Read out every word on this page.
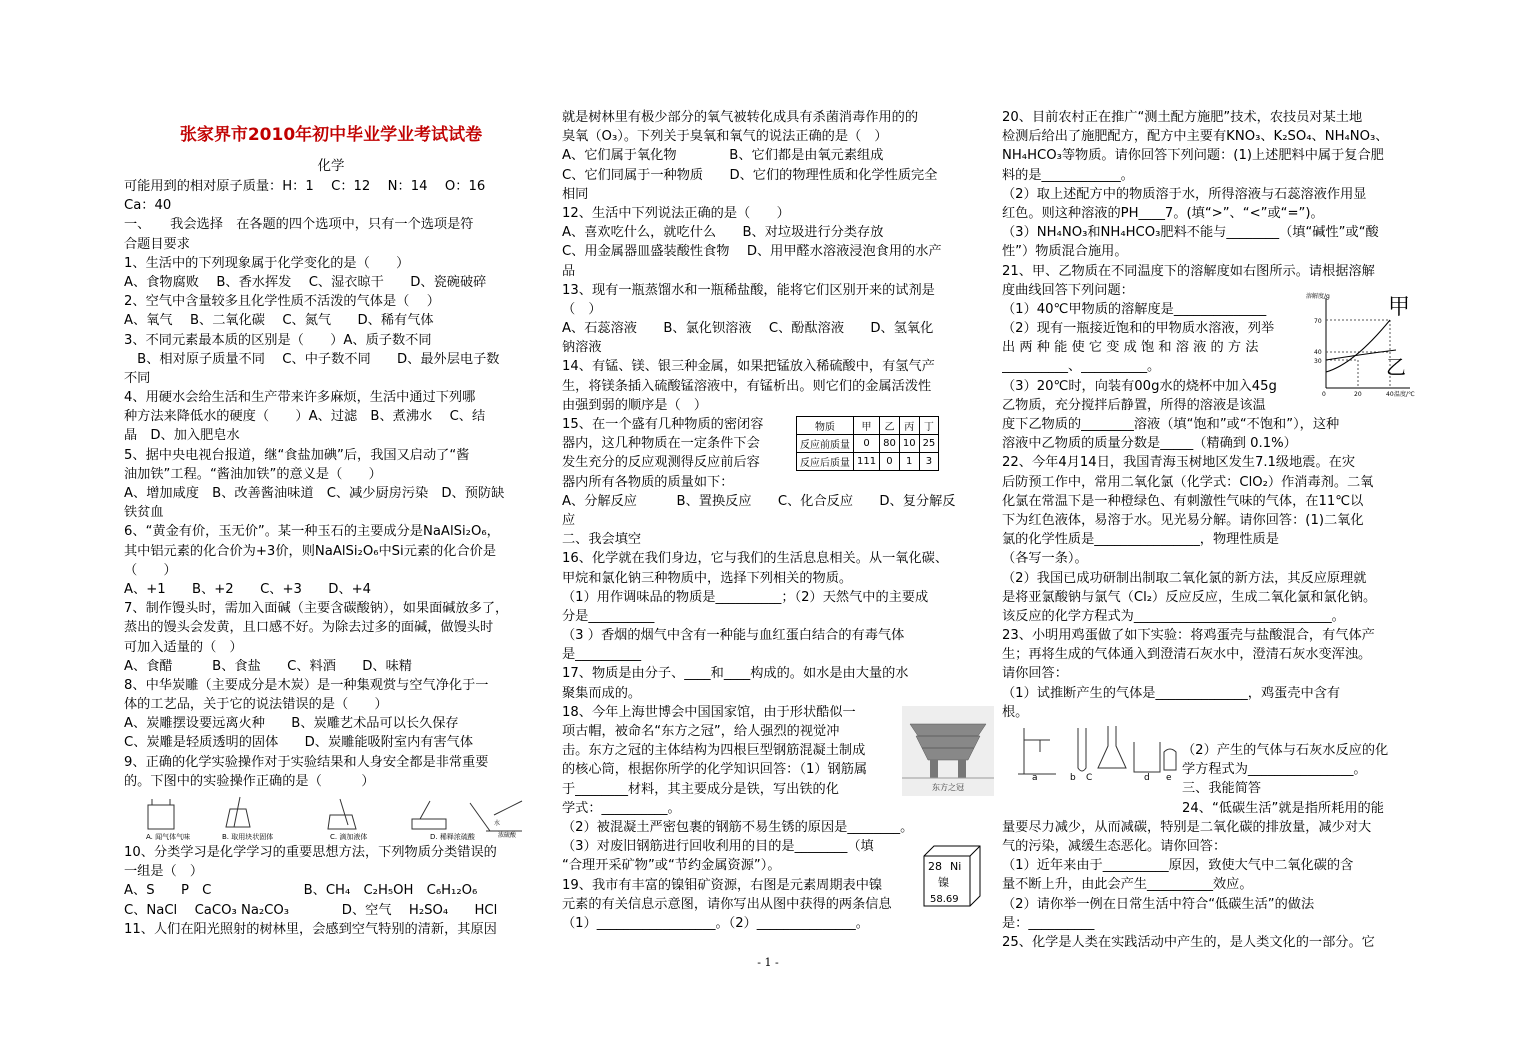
张家界市2010年初中毕业学业考试试卷
化学
可能用到的相对原子质量：H：1　 C：12 　N：14 　O：16
Ca：40
一、　　我会选择　在各题的四个选项中，只有一个选项是符
合题目要求
1、生活中的下列现象属于化学变化的是（　　）
A、食物腐败　 B、香水挥发　 C、湿衣晾干　　D、瓷碗破碎
2、空气中含量较多且化学性质不活泼的气体是（　 ）
A、氧气　 B、二氧化碳　 C、氮气　　D、稀有气体
3、不同元素最本质的区别是（　　）A、质子数不同
　B、相对原子质量不同　 C、中子数不同　　D、最外层电子数
不同
4、用硬水会给生活和生产带来许多麻烦，生活中通过下列哪
种方法来降低水的硬度（　　）A、过滤　B、煮沸水　 C、结
晶　D、加入肥皂水
5、据中央电视台报道，继“食盐加碘”后，我国又启动了“酱
油加铁”工程。“酱油加铁”的意义是（　　）
A、增加咸度　B、改善酱油味道　C、减少厨房污染　D、预防缺
铁贫血
6、“黄金有价，玉无价”。某一种玉石的主要成分是NaAlSi₂O₆，
其中铝元素的化合价为+3价，则NaAlSi₂O₆中Si元素的化合价是
（　　）
A、+1　　B、+2　　C、+3　　D、+4
7、制作馒头时，需加入面碱（主要含碳酸钠），如果面碱放多了，
蒸出的馒头会发黄，且口感不好。为除去过多的面碱，做馒头时
可加入适量的（　）
A、食醋　　　B、食盐　　C、料酒　　D、味精
8、中华炭雕（主要成分是木炭）是一种集观赏与空气净化于一
体的工艺品，关于它的说法错误的是（　　）
A、炭雕摆设要远离火种　　B、炭雕艺术品可以长久保存
C、炭雕是轻质透明的固体　　D、炭雕能吸附室内有害气体
9、正确的化学实验操作对于实验结果和人身安全都是非常重要
的。下图中的实验操作正确的是（　　　）
A. 闻气体气味	B. 取用块状固体	C. 滴加液体	D. 稀释浓硫酸
水
浓硫酸
10、分类学习是化学学习的重要思想方法，下列物质分类错误的
一组是（　）
A、S　　P　C　　　　　　　B、CH₄　C₂H₅OH　C₆H₁₂O₆
C、NaCl　 CaCO₃ Na₂CO₃　　　　D、空气　 H₂SO₄　　HCl
11、人们在阳光照射的树林里，会感到空气特别的清新，其原因
就是树林里有极少部分的氧气被转化成具有杀菌消毒作用的的
臭氧（O₃）。下列关于臭氧和氧气的说法正确的是（　）
A、它们属于氧化物　　　　B、它们都是由氧元素组成
C、它们同属于一种物质　　D、它们的物理性质和化学性质完全
相同
12、生活中下列说法正确的是（　　）
A、喜欢吃什么，就吃什么　　B、对垃圾进行分类存放
C、用金属器皿盛装酸性食物　 D、用甲醛水溶液浸泡食用的水产
品
13、现有一瓶蒸馏水和一瓶稀盐酸，能将它们区别开来的试剂是
（　）
A、石蕊溶液　　B、氯化钡溶液　 C、酚酞溶液　　D、氢氧化
钠溶液
14、有锰、镁、银三种金属，如果把锰放入稀硫酸中，有氢气产
生，将镁条插入硫酸锰溶液中，有锰析出。则它们的金属活泼性
由强到弱的顺序是（　）
15、在一个盛有几种物质的密闭容
器内，这几种物质在一定条件下会
发生充分的反应观测得反应前后容
器内所有各物质的质量如下：
A、分解反应　　　B、置换反应　　C、化合反应　　D、复分解反
应
二、我会填空
16、化学就在我们身边，它与我们的生活息息相关。从一氧化碳、
甲烷和氯化钠三种物质中，选择下列相关的物质。
（1）用作调味品的物质是__________；（2）天然气中的主要成
分是__________
（3 ）香烟的烟气中含有一种能与血红蛋白结合的有毒气体
是__________
17、物质是由分子、____和____构成的。如水是由大量的水
聚集而成的。
18、今年上海世博会中国国家馆，由于形状酷似一
项古帽，被命名“东方之冠”，给人强烈的视觉冲
击。东方之冠的主体结构为四根巨型钢筋混凝土制成
的核心筒，根据你所学的化学知识回答：（1）钢筋属
于________材料，其主要成分是铁，写出铁的化
学式：__________。
（2）被混凝土严密包裹的钢筋不易生锈的原因是________。
（3）对废旧钢筋进行回收利用的目的是________（填
“合理开采矿物”或“节约金属资源”）。
19、我市有丰富的镍钼矿资源，右图是元素周期表中镍
元素的有关信息示意图，请你写出从图中获得的两条信息
（1）__________________。（2）_______________。
物质	甲	乙	丙	丁
反应前质量	0	80	10	25
反应后质量	111	0	1	3
东方之冠
28 Ni
镍
58.69
20、目前农村正在推广“测土配方施肥”技术，农技员对某土地
检测后给出了施肥配方，配方中主要有KNO₃、K₂SO₄、NH₄NO₃、
NH₄HCO₃等物质。请你回答下列问题：(1)上述肥料中属于复合肥
料的是____________。
（2）取上述配方中的物质溶于水，所得溶液与石蕊溶液作用显
红色。则这种溶液的PH____7。(填“>”、“<”或“=”)。
（3）NH₄NO₃和NH₄HCO₃肥料不能与________（填“碱性”或“酸
性”）物质混合施用。
21、甲、乙物质在不同温度下的溶解度如右图所示。请根据溶解
度曲线回答下列问题：
（1）40℃甲物质的溶解度是______________
（2）现有一瓶接近饱和的甲物质水溶液，列举
出 两 种 能 使 它 变 成 饱 和 溶 液 的 方 法
__________、__________。
（3）20℃时，向装有00g水的烧杯中加入45g
乙物质，充分搅拌后静置，所得的溶液是该温
度下乙物质的________溶液（填“饱和”或“不饱和”），这种
溶液中乙物质的质量分数是_____（精确到 0.1%）
22、今年4月14日，我国青海玉树地区发生7.1级地震。在灾
后防预工作中，常用二氧化氯（化学式：ClO₂）作消毒剂。二氧
化氯在常温下是一种橙绿色、有刺激性气味的气体，在11℃以
下为红色液体，易溶于水。见光易分解。请你回答：(1)二氧化
氯的化学性质是________________，物理性质是
（各写一条）。
（2）我国已成功研制出制取二氧化氯的新方法，其反应原理就
是将亚氯酸钠与氯气（Cl₂）反应反应，生成二氧化氯和氯化钠。
该反应的化学方程式为______________________________。
23、小明用鸡蛋做了如下实验：将鸡蛋壳与盐酸混合，有气体产
生；再将生成的气体通入到澄清石灰水中，澄清石灰水变浑浊。
请你回答：
（1）试推断产生的气体是______________，鸡蛋壳中含有
根。
（2）产生的气体与石灰水反应的化
学方程式为________________。
三、我能简答
24、“低碳生活”就是指所耗用的能
量要尽力减少，从而减碳，特别是二氧化碳的排放量，减少对大
气的污染，减缓生态恶化。请你回答：
（1）近年来由于__________原因，致使大气中二氧化碳的含
量不断上升，由此会产生__________效应。
（2）请你举一例在日常生活中符合“低碳生活”的做法
是：__________
25、化学是人类在实践活动中产生的，是人类文化的一部分。它
溶解度/g	甲
乙
70
40
30
0	20	40 温度/℃
a	b C	d e
- 1 -
